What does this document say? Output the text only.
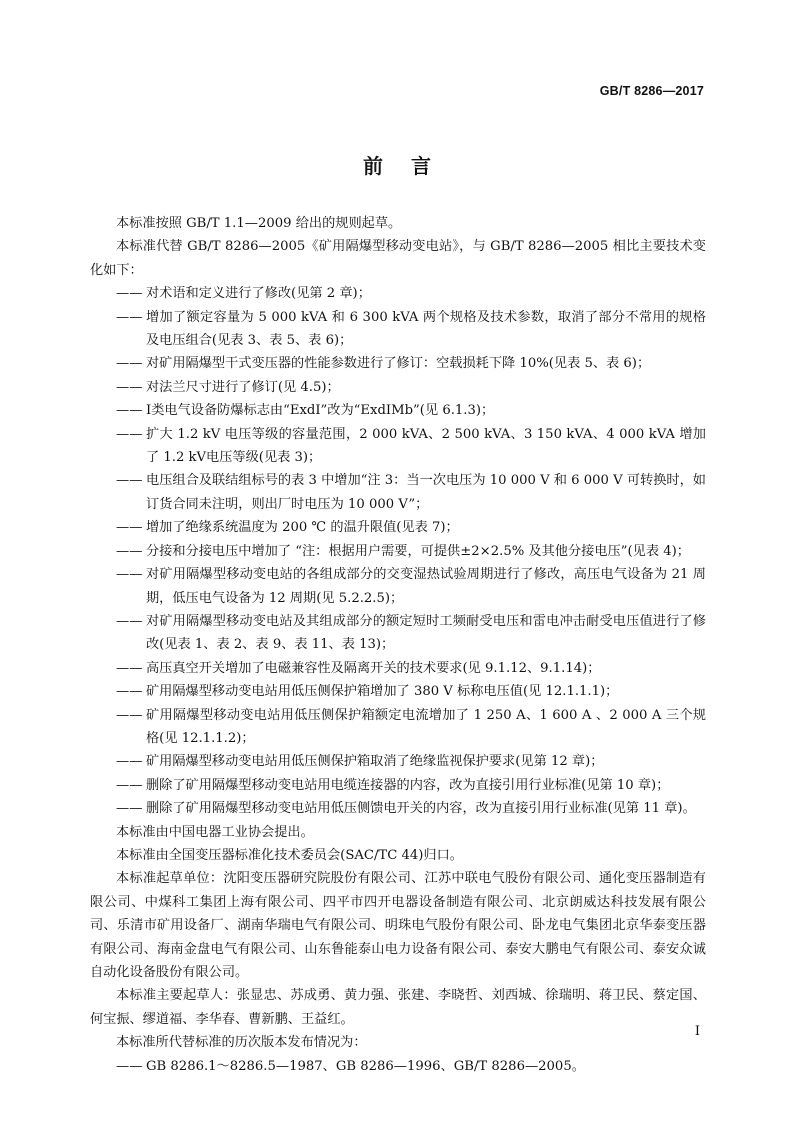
GB/T 8286—2017
前言

本标准按照 GB/T 1.1—2009 给出的规则起草。

本标准代替 GB/T 8286—2005《矿用隔爆型移动变电站》，与 GB/T 8286—2005 相比主要技术变化如下：

—— 对术语和定义进行了修改(见第 2 章)；
—— 增加了额定容量为 5 000 kVA 和 6 300 kVA 两个规格及技术参数，取消了部分不常用的规格及电压组合(见表 3、表 5、表 6)；
—— 对矿用隔爆型干式变压器的性能参数进行了修订：空载损耗下降 10%(见表 5、表 6)；
—— 对法兰尺寸进行了修订(见 4.5)；
—— Ⅰ类电气设备防爆标志由“ExdⅠ”改为“ExdⅠMb”(见 6.1.3)；
—— 扩大 1.2 kV 电压等级的容量范围，2 000 kVA、2 500 kVA、3 150 kVA、4 000 kVA 增加了 1.2 kV电压等级(见表 3)；
—— 电压组合及联结组标号的表 3 中增加“注 3：当一次电压为 10 000 V 和 6 000 V 可转换时，如订货合同未注明，则出厂时电压为 10 000 V”；
—— 增加了绝缘系统温度为 200 ℃ 的温升限值(见表 7)；
—— 分接和分接电压中增加了 “注：根据用户需要，可提供±2×2.5% 及其他分接电压”(见表 4)；
—— 对矿用隔爆型移动变电站的各组成部分的交变湿热试验周期进行了修改，高压电气设备为 21 周期，低压电气设备为 12 周期(见 5.2.2.5)；
—— 对矿用隔爆型移动变电站及其组成部分的额定短时工频耐受电压和雷电冲击耐受电压值进行了修改(见表 1、表 2、表 9、表 11、表 13)；
—— 高压真空开关增加了电磁兼容性及隔离开关的技术要求(见 9.1.12、9.1.14)；
—— 矿用隔爆型移动变电站用低压侧保护箱增加了 380 V 标称电压值(见 12.1.1.1)；
—— 矿用隔爆型移动变电站用低压侧保护箱额定电流增加了 1 250 A、1 600 A 、2 000 A 三个规格(见 12.1.1.2)；
—— 矿用隔爆型移动变电站用低压侧保护箱取消了绝缘监视保护要求(见第 12 章)；
—— 删除了矿用隔爆型移动变电站用电缆连接器的内容，改为直接引用行业标准(见第 10 章)；
—— 删除了矿用隔爆型移动变电站用低压侧馈电开关的内容，改为直接引用行业标准(见第 11 章)。

本标准由中国电器工业协会提出。

本标准由全国变压器标准化技术委员会(SAC/TC 44)归口。

本标准起草单位：沈阳变压器研究院股份有限公司、江苏中联电气股份有限公司、通化变压器制造有限公司、中煤科工集团上海有限公司、四平市四开电器设备制造有限公司、北京朗威达科技发展有限公司、乐清市矿用设备厂、湖南华瑞电气有限公司、明珠电气股份有限公司、卧龙电气集团北京华泰变压器有限公司、海南金盘电气有限公司、山东鲁能泰山电力设备有限公司、泰安大鹏电气有限公司、泰安众诚自动化设备股份有限公司。

本标准主要起草人：张显忠、苏成勇、黄力强、张建、李晓哲、刘西城、徐瑞明、蒋卫民、蔡定国、何宝振、缪道福、李华春、曹新鹏、王益红。

本标准所代替标准的历次版本发布情况为：

—— GB 8286.1～8286.5—1987、GB 8286—1996、GB/T 8286—2005。
Ⅰ
